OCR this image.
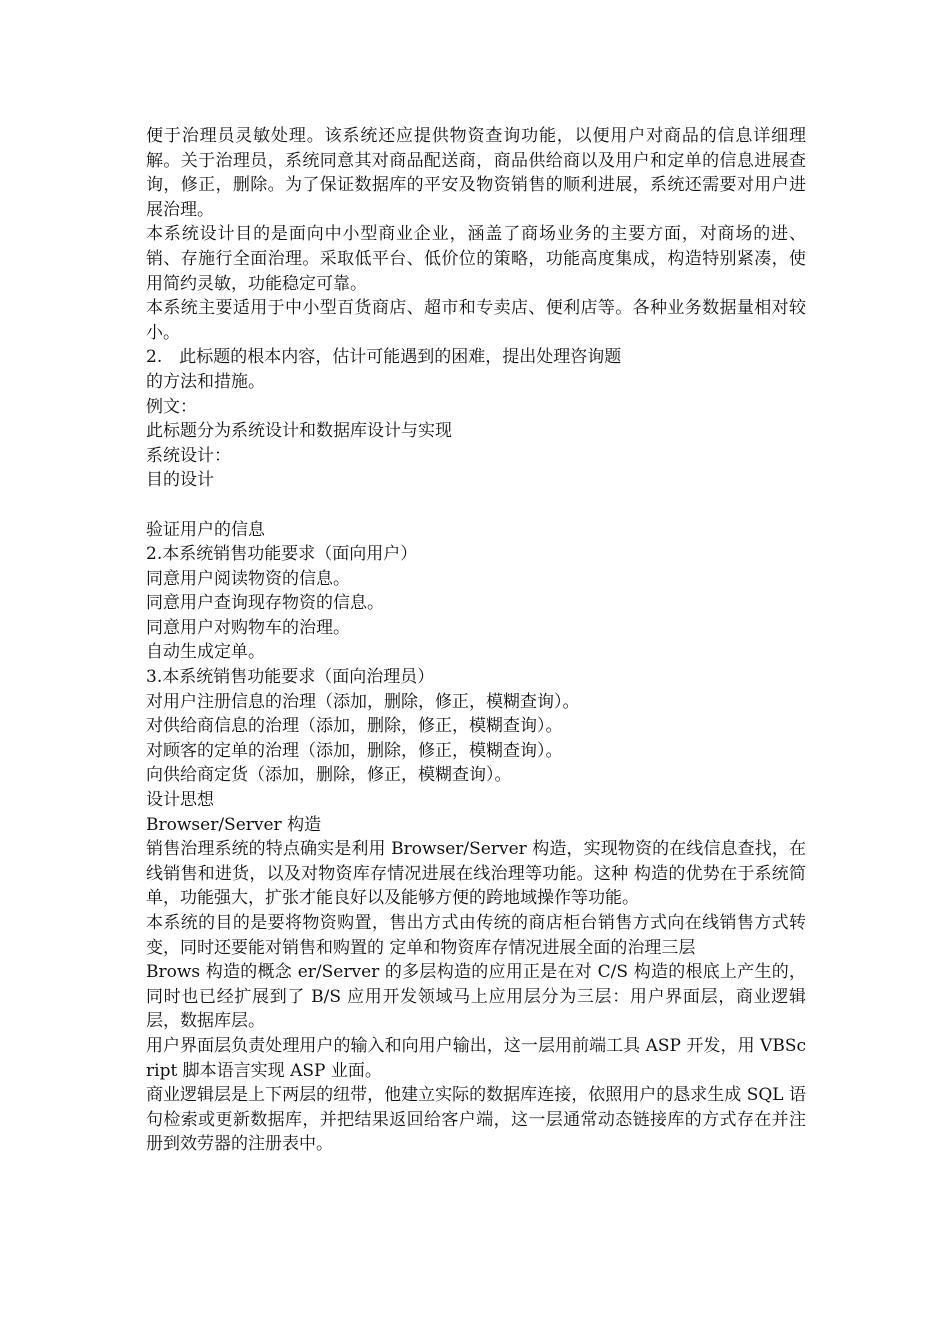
便于治理员灵敏处理。该系统还应提供物资查询功能，以便用户对商品的信息详细理解。关于治理员，系统同意其对商品配送商，商品供给商以及用户和定单的信息进展查询，修正，删除。为了保证数据库的平安及物资销售的顺利进展，系统还需要对用户进展治理。

本系统设计目的是面向中小型商业企业，涵盖了商场业务的主要方面，对商场的进、销、存施行全面治理。采取低平台、低价位的策略，功能高度集成，构造特别紧凑，使用简约灵敏，功能稳定可靠。

本系统主要适用于中小型百货商店、超市和专卖店、便利店等。各种业务数据量相对较小。

2.　此标题的根本内容，估计可能遇到的困难，提出处理咨询题

的方法和措施。

例文：

此标题分为系统设计和数据库设计与实现

系统设计：

目的设计

验证用户的信息

2.本系统销售功能要求（面向用户）

同意用户阅读物资的信息。

同意用户查询现存物资的信息。

同意用户对购物车的治理。

自动生成定单。

3.本系统销售功能要求（面向治理员）

对用户注册信息的治理（添加，删除，修正，模糊查询）。

对供给商信息的治理（添加，删除，修正，模糊查询）。

对顾客的定单的治理（添加，删除，修正，模糊查询）。

向供给商定货（添加，删除，修正，模糊查询）。

设计思想

Browser/Server 构造

销售治理系统的特点确实是利用 Browser/Server 构造，实现物资的在线信息查找，在线销售和进货，以及对物资库存情况进展在线治理等功能。这种 构造的优势在于系统简单，功能强大，扩张才能良好以及能够方便的跨地域操作等功能。

本系统的目的是要将物资购置，售出方式由传统的商店柜台销售方式向在线销售方式转变，同时还要能对销售和购置的 定单和物资库存情况进展全面的治理三层

Brows 构造的概念 er/Server 的多层构造的应用正是在对 C/S 构造的根底上产生的，同时也已经扩展到了 B/S 应用开发领域马上应用层分为三层：用户界面层，商业逻辑层，数据库层。

用户界面层负责处理用户的输入和向用户输出，这一层用前端工具 ASP 开发，用 VBScript 脚本语言实现 ASP 业面。

商业逻辑层是上下两层的纽带，他建立实际的数据库连接，依照用户的恳求生成 SQL 语句检索或更新数据库，并把结果返回给客户端，这一层通常动态链接库的方式存在并注册到效劳器的注册表中。
